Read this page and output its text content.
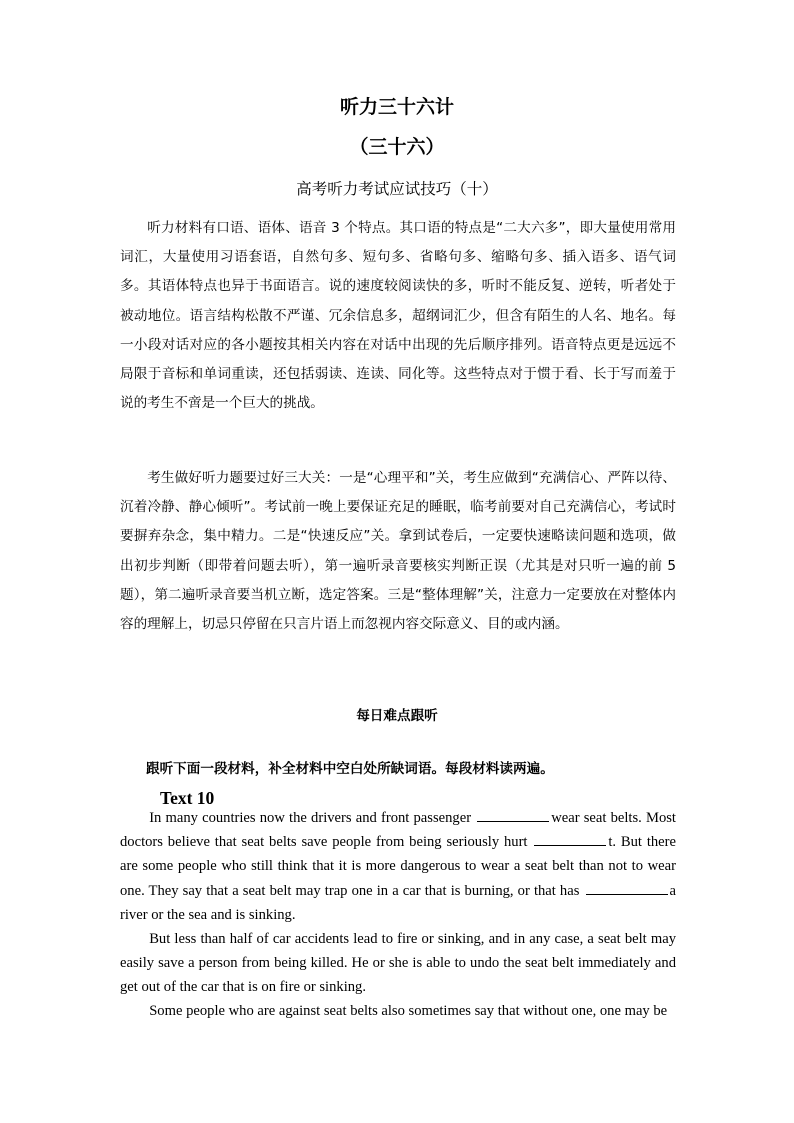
听力三十六计
（三十六）
高考听力考试应试技巧（十）

听力材料有口语、语体、语音 3 个特点。其口语的特点是“二大六多”，即大量使用常用词汇，大量使用习语套语，自然句多、短句多、省略句多、缩略句多、插入语多、语气词多。其语体特点也异于书面语言。说的速度较阅读快的多，听时不能反复、逆转，听者处于被动地位。语言结构松散不严谨、冗余信息多，超纲词汇少，但含有陌生的人名、地名。每一小段对话对应的各小题按其相关内容在对话中出现的先后顺序排列。语音特点更是远远不局限于音标和单词重读，还包括弱读、连读、同化等。这些特点对于惯于看、长于写而羞于说的考生不啻是一个巨大的挑战。

考生做好听力题要过好三大关：一是“心理平和”关，考生应做到“充满信心、严阵以待、沉着冷静、静心倾听”。考试前一晚上要保证充足的睡眠，临考前要对自己充满信心，考试时要摒弃杂念，集中精力。二是“快速反应”关。拿到试卷后，一定要快速略读问题和选项，做出初步判断（即带着问题去听），第一遍听录音要核实判断正误（尤其是对只听一遍的前 5 题），第二遍听录音要当机立断，选定答案。三是“整体理解”关，注意力一定要放在对整体内容的理解上，切忌只停留在只言片语上而忽视内容交际意义、目的或内涵。

每日难点跟听
跟听下面一段材料，补全材料中空白处所缺词语。每段材料读两遍。
Text 10

In many countries now the drivers and front passenger	wear seat belts. Most doctors believe that seat belts save people from being seriously hurt	t. But there are some people who still think that it is more dangerous to wear a seat belt than not to wear one. They say that a seat belt may trap one in a car that is burning, or that has	a river or the sea and is sinking.

But less than half of car accidents lead to fire or sinking, and in any case, a seat belt may easily save a person from being killed. He or she is able to undo the seat belt immediately and get out of the car that is on fire or sinking.

Some people who are against seat belts also sometimes say that without one, one may be
